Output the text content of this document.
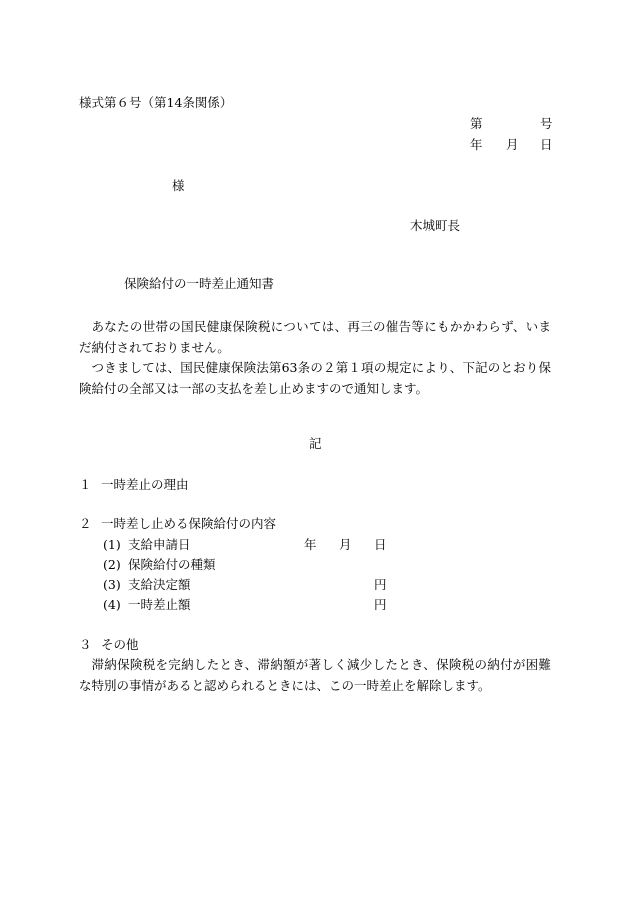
様式第６号（第14条関係）
第	号
年 月 日
様
木城町長
保険給付の一時差止通知書

あなたの世帯の国民健康保険税については、再三の催告等にもかかわらず、いまだ納付されておりません。

つきましては、国民健康保険法第63条の２第１項の規定により、下記のとおり保険給付の全部又は一部の支払を差し止めますので通知します。

記
１ 一時差止の理由
２ 一時差し止める保険給付の内容
(1) 支給申請日	年 月 日
(2) 保険給付の種類
(3) 支給決定額	円
(4) 一時差止額	円
３ その他

滞納保険税を完納したとき、滞納額が著しく減少したとき、保険税の納付が困難な特別の事情があると認められるときには、この一時差止を解除します。
